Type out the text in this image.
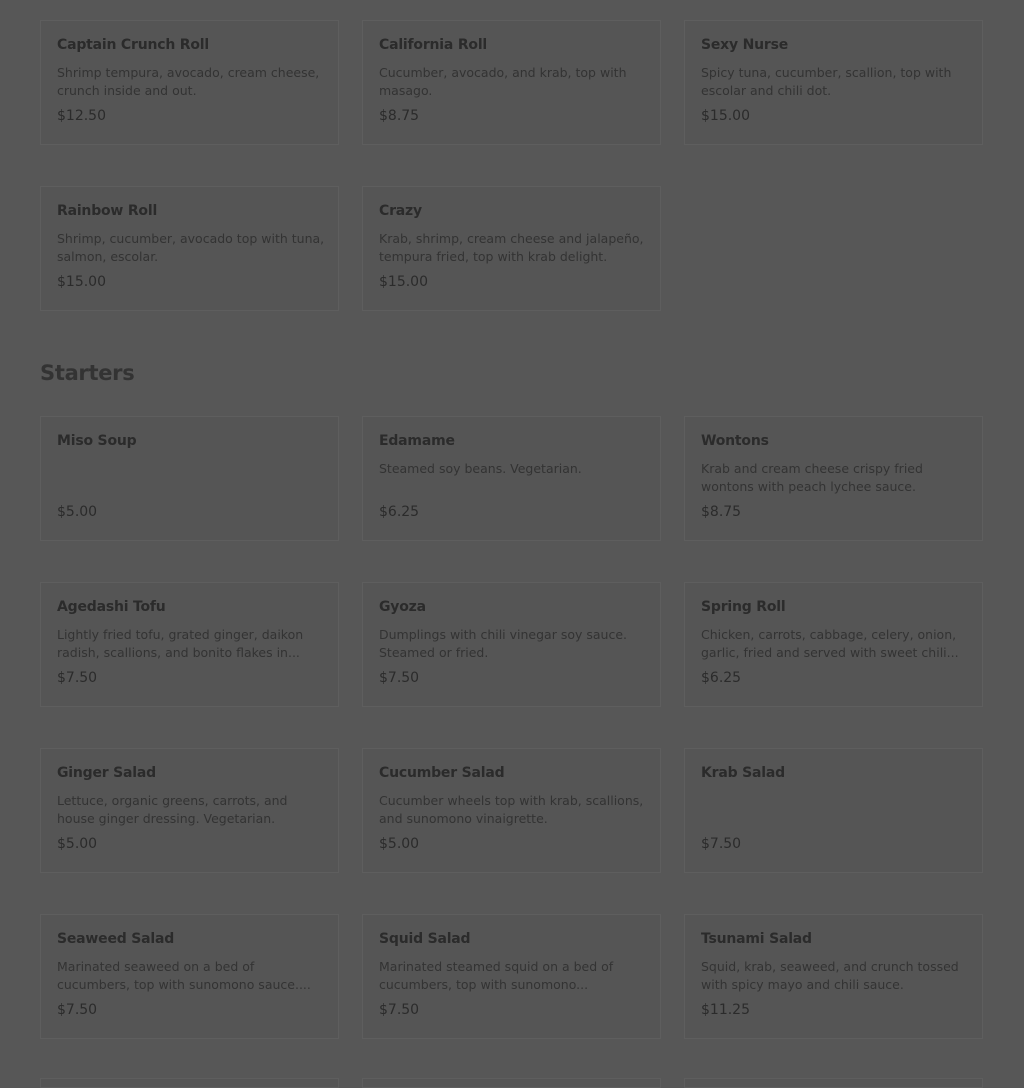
Captain Crunch Roll
Shrimp tempura, avocado, cream cheese, crunch inside and out.
$12.50
California Roll
Cucumber, avocado, and krab, top with masago.
$8.75
Sexy Nurse
Spicy tuna, cucumber, scallion, top with escolar and chili dot.
$15.00
Rainbow Roll
Shrimp, cucumber, avocado top with tuna, salmon, escolar.
$15.00
Crazy
Krab, shrimp, cream cheese and jalapeño, tempura fried, top with krab delight.
$15.00
Starters
Miso Soup
$5.00
Edamame
Steamed soy beans. Vegetarian.
$6.25
Wontons
Krab and cream cheese crispy fried wontons with peach lychee sauce.
$8.75
Agedashi Tofu
Lightly fried tofu, grated ginger, daikon radish, scallions, and bonito flakes in...
$7.50
Gyoza
Dumplings with chili vinegar soy sauce. Steamed or fried.
$7.50
Spring Roll
Chicken, carrots, cabbage, celery, onion, garlic, fried and served with sweet chili...
$6.25
Ginger Salad
Lettuce, organic greens, carrots, and house ginger dressing. Vegetarian.
$5.00
Cucumber Salad
Cucumber wheels top with krab, scallions, and sunomono vinaigrette.
$5.00
Krab Salad
$7.50
Seaweed Salad
Marinated seaweed on a bed of cucumbers, top with sunomono sauce....
$7.50
Squid Salad
Marinated steamed squid on a bed of cucumbers, top with sunomono...
$7.50
Tsunami Salad
Squid, krab, seaweed, and crunch tossed with spicy mayo and chili sauce.
$11.25
